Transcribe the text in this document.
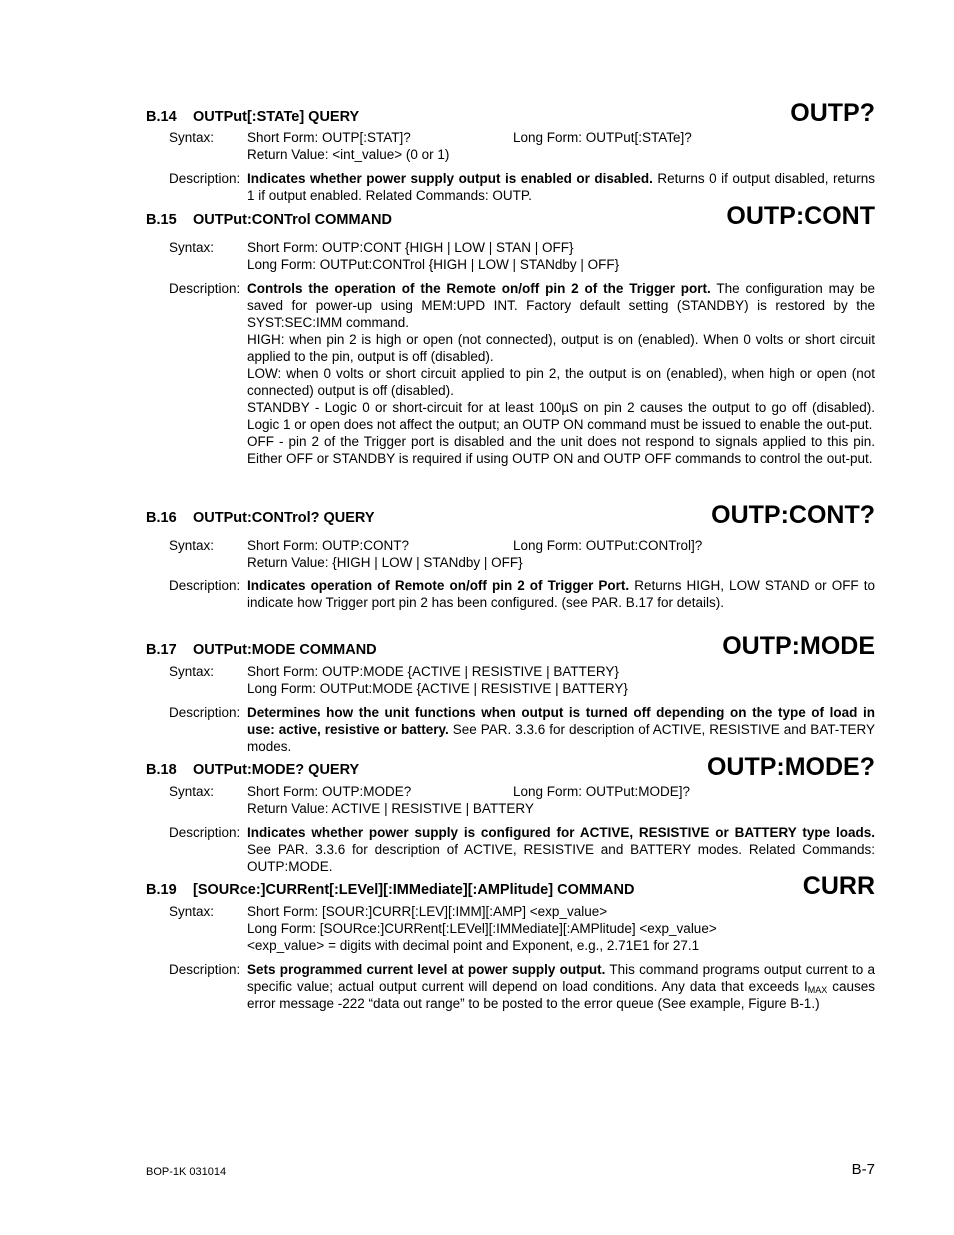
OUTP?
B.14 OUTPut[:STATe] QUERY
Syntax: Short Form: OUTP[:STAT]?	Long Form: OUTPut[:STATe]?
Return Value: <int_value> (0 or 1)
Description: Indicates whether power supply output is enabled or disabled. Returns 0 if output disabled, returns 1 if output enabled. Related Commands: OUTP.

OUTP:CONT
B.15 OUTPut:CONTrol COMMAND
Syntax: Short Form: OUTP:CONT {HIGH | LOW | STAN | OFF}
Long Form: OUTPut:CONTrol {HIGH | LOW | STANdby | OFF}
Description: Controls the operation of the Remote on/off pin 2 of the Trigger port. The configuration may be saved for power-up using MEM:UPD INT. Factory default setting (STANDBY) is restored by the SYST:SEC:IMM command.

HIGH: when pin 2 is high or open (not connected), output is on (enabled). When 0 volts or short circuit applied to the pin, output is off (disabled).

LOW: when 0 volts or short circuit applied to pin 2, the output is on (enabled), when high or open (not connected) output is off (disabled).

STANDBY - Logic 0 or short-circuit for at least 100µS on pin 2 causes the output to go off (disabled). Logic 1 or open does not affect the output; an OUTP ON command must be issued to enable the out-put.

OFF - pin 2 of the Trigger port is disabled and the unit does not respond to signals applied to this pin. Either OFF or STANDBY is required if using OUTP ON and OUTP OFF commands to control the out-put.

OUTP:CONT?
B.16 OUTPut:CONTrol? QUERY
Syntax: Short Form: OUTP:CONT?	Long Form: OUTPut:CONTrol]?
Return Value: {HIGH | LOW | STANdby | OFF}
Description: Indicates operation of Remote on/off pin 2 of Trigger Port. Returns HIGH, LOW STAND or OFF to indicate how Trigger port pin 2 has been configured. (see PAR. B.17 for details).

OUTP:MODE
B.17 OUTPut:MODE COMMAND
Syntax: Short Form: OUTP:MODE {ACTIVE | RESISTIVE | BATTERY}
Long Form: OUTPut:MODE {ACTIVE | RESISTIVE | BATTERY}
Description: Determines how the unit functions when output is turned off depending on the type of load in use: active, resistive or battery. See PAR. 3.3.6 for description of ACTIVE, RESISTIVE and BAT-TERY modes.

OUTP:MODE?
B.18 OUTPut:MODE? QUERY
Syntax: Short Form: OUTP:MODE?	Long Form: OUTPut:MODE]?
Return Value: ACTIVE | RESISTIVE | BATTERY
Description: Indicates whether power supply is configured for ACTIVE, RESISTIVE or BATTERY type loads. See PAR. 3.3.6 for description of ACTIVE, RESISTIVE and BATTERY modes. Related Commands: OUTP:MODE.

CURR
B.19 [SOURce:]CURRent[:LEVel][:IMMediate][:AMPlitude] COMMAND
Syntax: Short Form: [SOUR:]CURR[:LEV][:IMM][:AMP] <exp_value>
Long Form: [SOURce:]CURRent[:LEVel][:IMMediate][:AMPlitude] <exp_value>
<exp_value> = digits with decimal point and Exponent, e.g., 2.71E1 for 27.1
Description: Sets programmed current level at power supply output. This command programs output current to a specific value; actual output current will depend on load conditions. Any data that exceeds $I_{MAX}$ causes error message -222 “data out range” to be posted to the error queue (See example, Figure B-1.)

BOP-1K 031014	B-7
